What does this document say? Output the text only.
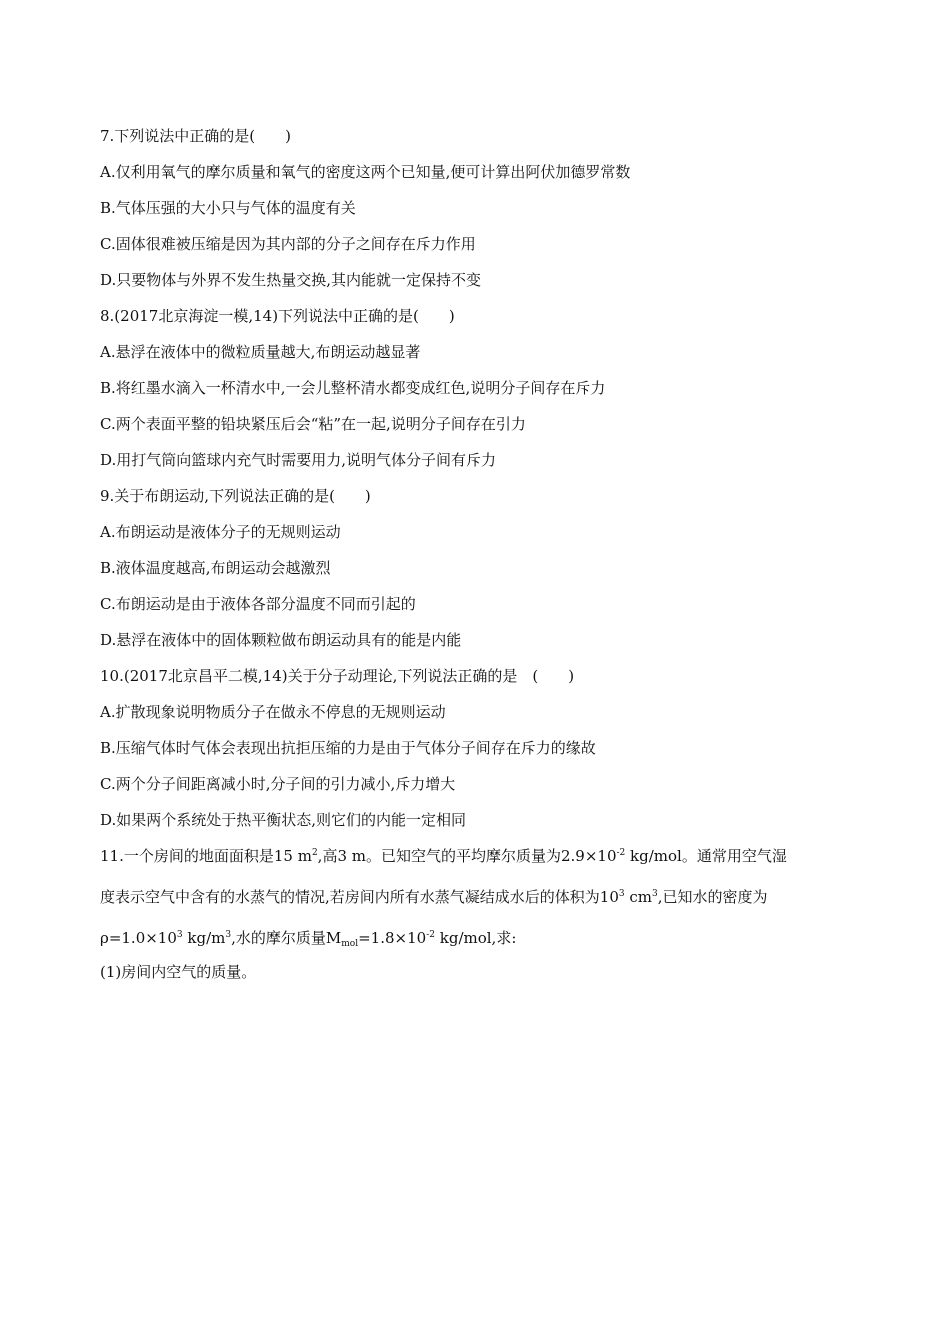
7.下列说法中正确的是(　　)
A.仅利用氧气的摩尔质量和氧气的密度这两个已知量,便可计算出阿伏加德罗常数
B.气体压强的大小只与气体的温度有关
C.固体很难被压缩是因为其内部的分子之间存在斥力作用
D.只要物体与外界不发生热量交换,其内能就一定保持不变
8.(2017北京海淀一模,14)下列说法中正确的是(　　)
A.悬浮在液体中的微粒质量越大,布朗运动越显著
B.将红墨水滴入一杯清水中,一会儿整杯清水都变成红色,说明分子间存在斥力
C.两个表面平整的铅块紧压后会“粘”在一起,说明分子间存在引力
D.用打气筒向篮球内充气时需要用力,说明气体分子间有斥力
9.关于布朗运动,下列说法正确的是(　　)
A.布朗运动是液体分子的无规则运动
B.液体温度越高,布朗运动会越激烈
C.布朗运动是由于液体各部分温度不同而引起的
D.悬浮在液体中的固体颗粒做布朗运动具有的能是内能
10.(2017北京昌平二模,14)关于分子动理论,下列说法正确的是　(　　)
A.扩散现象说明物质分子在做永不停息的无规则运动
B.压缩气体时气体会表现出抗拒压缩的力是由于气体分子间存在斥力的缘故
C.两个分子间距离减小时,分子间的引力减小,斥力增大
D.如果两个系统处于热平衡状态,则它们的内能一定相同
11.一个房间的地面面积是15 $m^2$,高3 m。已知空气的平均摩尔质量为$2.9\times 10^{-2}$ kg/mol。通常用空气湿
度表示空气中含有的水蒸气的情况,若房间内所有水蒸气凝结成水后的体积为$10^3$ $cm^3$,已知水的密度为
$\rho=1.0\times 10^3$ $kg/m^3$,水的摩尔质量$M_{mol}=1.8\times 10^{-2}$ kg/mol,求:
(1)房间内空气的质量。
